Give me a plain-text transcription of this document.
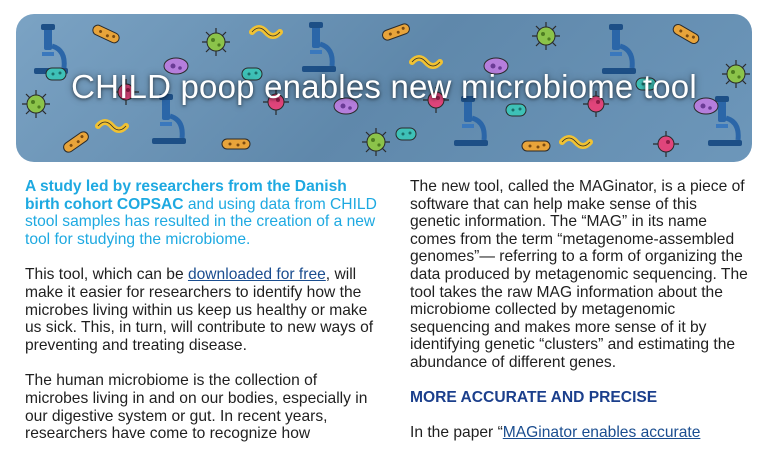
CHILD poop enables new microbiome tool

A study led by researchers from the Danish birth cohort COPSAC and using data from CHILD stool samples has resulted in the creation of a new tool for studying the microbiome.

This tool, which can be downloaded for free, will make it easier for researchers to identify how the microbes living within us keep us healthy or make us sick. This, in turn, will contribute to new ways of preventing and treating disease.

The human microbiome is the collection of microbes living in and on our bodies, especially in our digestive system or gut. In recent years, researchers have come to recognize how

The new tool, called the MAGinator, is a piece of software that can help make sense of this genetic information. The “MAG” in its name comes from the term “metagenome-assembled genomes”— referring to a form of organizing the data produced by metagenomic sequencing. The tool takes the raw MAG information about the microbiome collected by metagenomic sequencing and makes more sense of it by identifying genetic “clusters” and estimating the abundance of different genes.

MORE ACCURATE AND PRECISE

In the paper “MAGinator enables accurate
